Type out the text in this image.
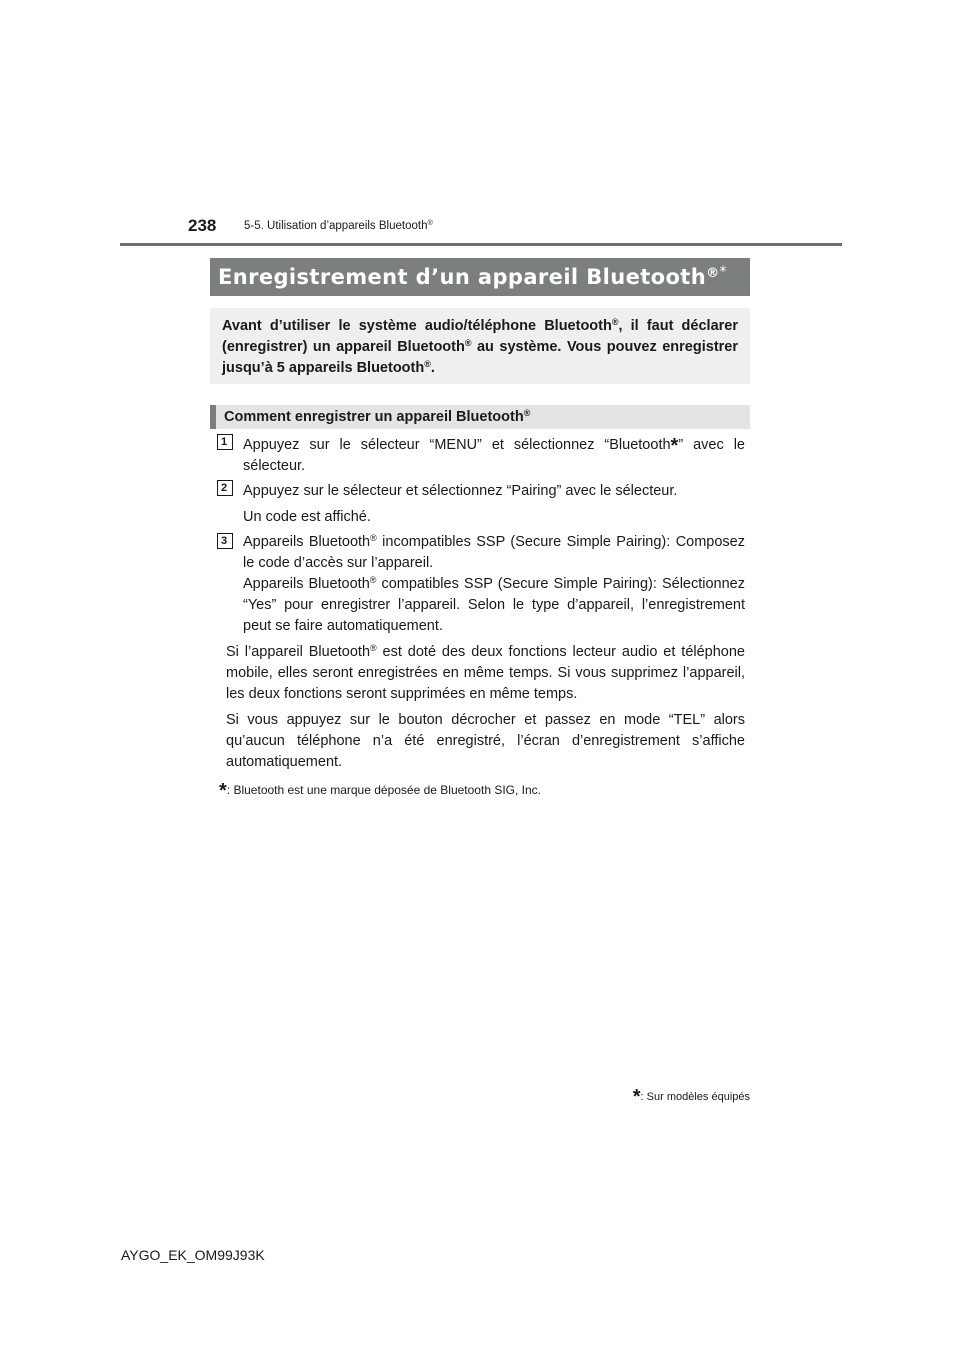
238 5-5. Utilisation d’appareils Bluetooth®
Enregistrement d’un appareil Bluetooth®*
Avant d’utiliser le système audio/téléphone Bluetooth®, il faut déclarer (enregistrer) un appareil Bluetooth® au système. Vous pouvez enregistrer jusqu’à 5 appareils Bluetooth®.
Comment enregistrer un appareil Bluetooth®
1	Appuyez sur le sélecteur “MENU” et sélectionnez “Bluetooth*” avec le sélecteur.
2	Appuyez sur le sélecteur et sélectionnez “Pairing” avec le sélecteur.
Un code est affiché.
3	Appareils Bluetooth® incompatibles SSP (Secure Simple Pairing): Composez le code d’accès sur l’appareil.
Appareils Bluetooth® compatibles SSP (Secure Simple Pairing): Sélectionnez “Yes” pour enregistrer l’appareil. Selon le type d’appareil, l’enregistrement peut se faire automatiquement.
Si l’appareil Bluetooth® est doté des deux fonctions lecteur audio et téléphone mobile, elles seront enregistrées en même temps. Si vous supprimez l’appareil, les deux fonctions seront supprimées en même temps.
Si vous appuyez sur le bouton décrocher et passez en mode “TEL” alors qu’aucun téléphone n’a été enregistré, l’écran d’enregistrement s’affiche automatiquement.
*: Bluetooth est une marque déposée de Bluetooth SIG, Inc.
*: Sur modèles équipés
AYGO_EK_OM99J93K
